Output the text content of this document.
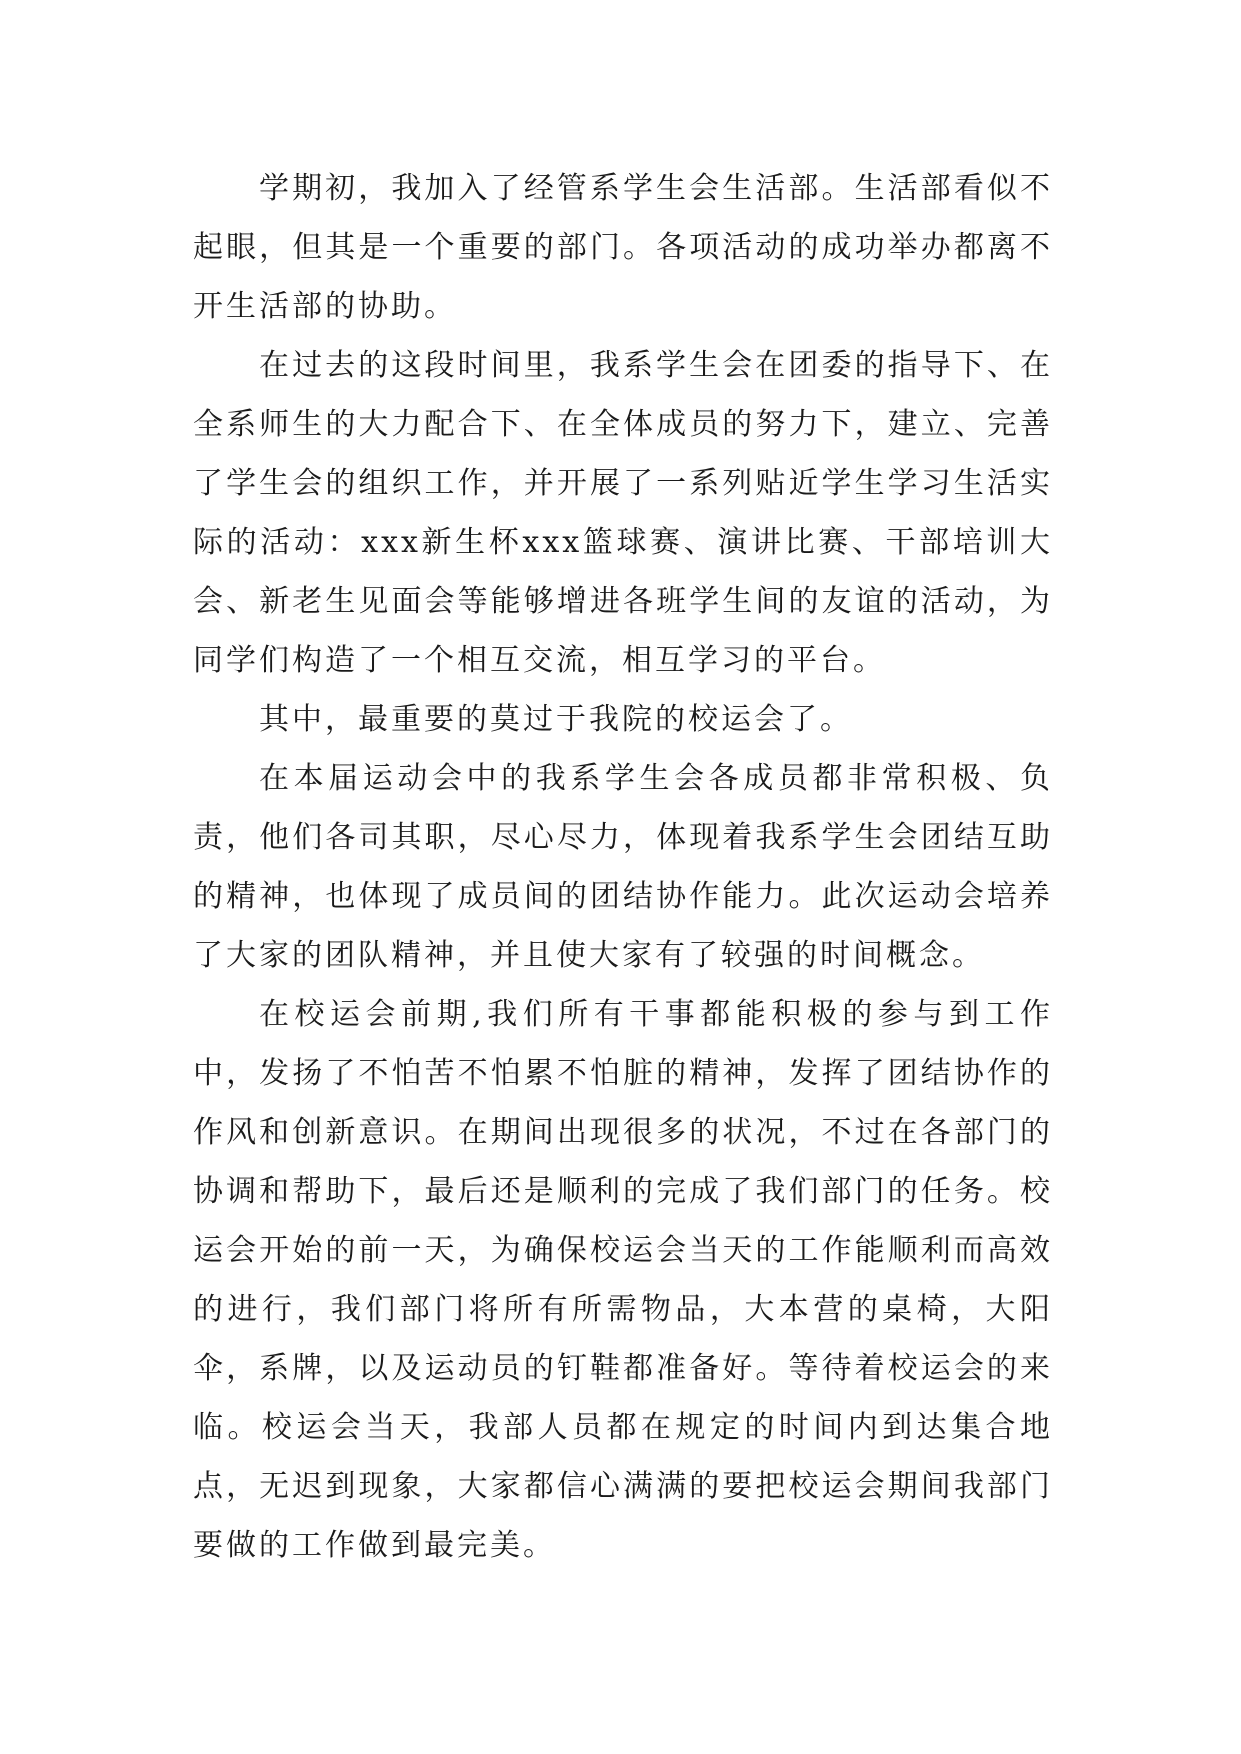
学期初，我加入了经管系学生会生活部。生活部看似不起眼，但其是一个重要的部门。各项活动的成功举办都离不开生活部的协助。

在过去的这段时间里，我系学生会在团委的指导下、在全系师生的大力配合下、在全体成员的努力下，建立、完善了学生会的组织工作，并开展了一系列贴近学生学习生活实际的活动：xxx新生杯xxx篮球赛、演讲比赛、干部培训大会、新老生见面会等能够增进各班学生间的友谊的活动，为同学们构造了一个相互交流，相互学习的平台。

其中，最重要的莫过于我院的校运会了。

在本届运动会中的我系学生会各成员都非常积极、负责，他们各司其职，尽心尽力，体现着我系学生会团结互助的精神，也体现了成员间的团结协作能力。此次运动会培养了大家的团队精神，并且使大家有了较强的时间概念。

在校运会前期,我们所有干事都能积极的参与到工作中，发扬了不怕苦不怕累不怕脏的精神，发挥了团结协作的作风和创新意识。在期间出现很多的状况，不过在各部门的协调和帮助下，最后还是顺利的完成了我们部门的任务。校运会开始的前一天，为确保校运会当天的工作能顺利而高效的进行，我们部门将所有所需物品，大本营的桌椅，大阳伞，系牌，以及运动员的钉鞋都准备好。等待着校运会的来临。校运会当天，我部人员都在规定的时间内到达集合地点，无迟到现象，大家都信心满满的要把校运会期间我部门要做的工作做到最完美。
